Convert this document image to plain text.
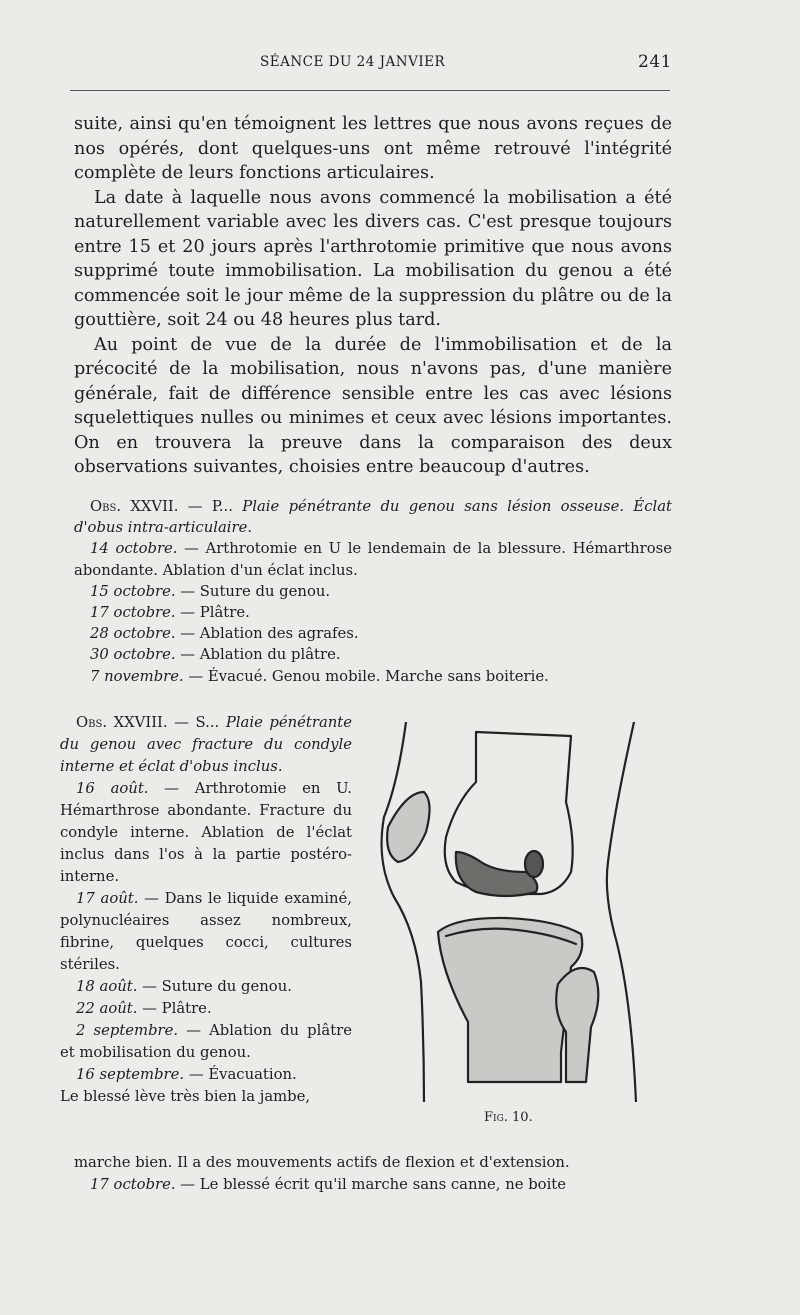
SÉANCE DU 24 JANVIER	241

suite, ainsi qu'en témoignent les lettres que nous avons reçues de nos opérés, dont quelques-uns ont même retrouvé l'intégrité complète de leurs fonctions articulaires.

La date à laquelle nous avons commencé la mobilisation a été naturellement variable avec les divers cas. C'est presque toujours entre 15 et 20 jours après l'arthrotomie primitive que nous avons supprimé toute immobilisation. La mobilisation du genou a été commencée soit le jour même de la suppression du plâtre ou de la gouttière, soit 24 ou 48 heures plus tard.

Au point de vue de la durée de l'immobilisation et de la précocité de la mobilisation, nous n'avons pas, d'une manière générale, fait de différence sensible entre les cas avec lésions squelettiques nulles ou minimes et ceux avec lésions importantes. On en trouvera la preuve dans la comparaison des deux observations suivantes, choisies entre beaucoup d'autres.

Obs. XXVII. — P... Plaie pénétrante du genou sans lésion osseuse. Éclat d'obus intra-articulaire.

14 octobre. — Arthrotomie en U le lendemain de la blessure. Hémarthrose abondante. Ablation d'un éclat inclus.

15 octobre. — Suture du genou.

17 octobre. — Plâtre.

28 octobre. — Ablation des agrafes.

30 octobre. — Ablation du plâtre.

7 novembre. — Évacué. Genou mobile. Marche sans boiterie.

Obs. XXVIII. — S... Plaie pénétrante du genou avec fracture du condyle interne et éclat d'obus inclus.

16 août. — Arthrotomie en U. Hémarthrose abondante. Fracture du condyle interne. Ablation de l'éclat inclus dans l'os à la partie postéro-interne.

17 août. — Dans le liquide examiné, polynucléaires assez nombreux, fibrine, quelques cocci, cultures stériles.

18 août. — Suture du genou.

22 août. — Plâtre.

2 septembre. — Ablation du plâtre et mobilisation du genou.

16 septembre. — Évacuation.

Le blessé lève très bien la jambe,

marche bien. Il a des mouvements actifs de flexion et d'extension.

17 octobre. — Le blessé écrit qu'il marche sans canne, ne boite

Fig. 10.
